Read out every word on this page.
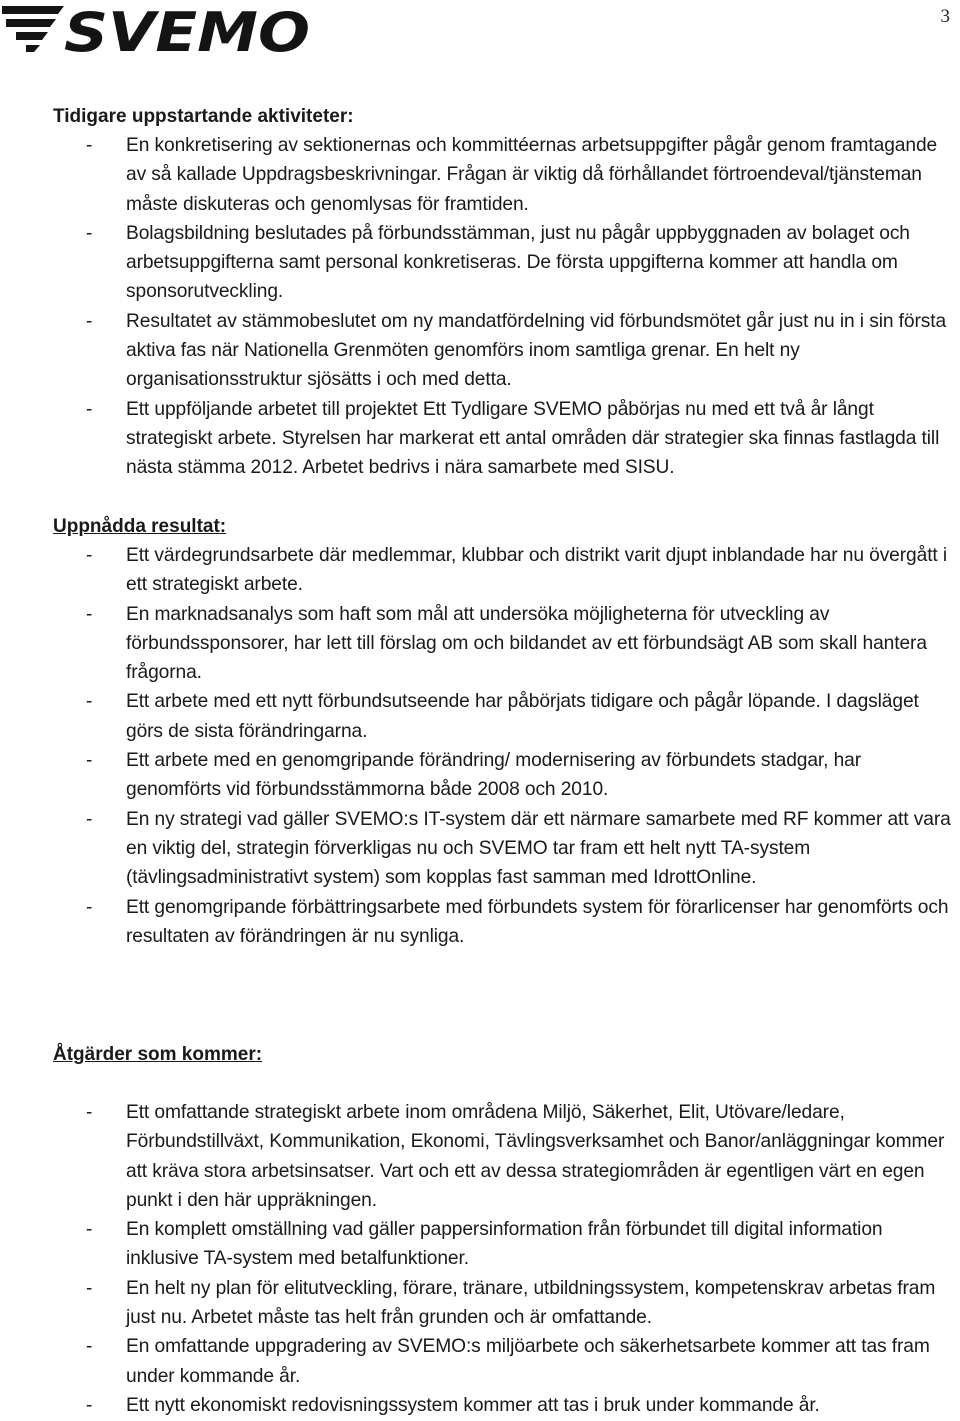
3
SVEMO
Tidigare uppstartande aktiviteter:
- En konkretisering av sektionernas och kommittéernas arbetsuppgifter pågår genom framtagande av så kallade Uppdragsbeskrivningar. Frågan är viktig då förhållandet förtroendeval/tjänsteman måste diskuteras och genomlysas för framtiden.
- Bolagsbildning beslutades på förbundsstämman, just nu pågår uppbyggnaden av bolaget och arbetsuppgifterna samt personal konkretiseras. De första uppgifterna kommer att handla om sponsorutveckling.
- Resultatet av stämmobeslutet om ny mandatfördelning vid förbundsmötet går just nu in i sin första aktiva fas när Nationella Grenmöten genomförs inom samtliga grenar. En helt ny organisationsstruktur sjösätts i och med detta.
- Ett uppföljande arbetet till projektet Ett Tydligare SVEMO påbörjas nu med ett två år långt strategiskt arbete. Styrelsen har markerat ett antal områden där strategier ska finnas fastlagda till nästa stämma 2012. Arbetet bedrivs i nära samarbete med SISU.
Uppnådda resultat:
- Ett värdegrundsarbete där medlemmar, klubbar och distrikt varit djupt inblandade har nu övergått i ett strategiskt arbete.
- En marknadsanalys som haft som mål att undersöka möjligheterna för utveckling av förbundssponsorer, har lett till förslag om och bildandet av ett förbundsägt AB som skall hantera frågorna.
- Ett arbete med ett nytt förbundsutseende har påbörjats tidigare och pågår löpande. I dagsläget görs de sista förändringarna.
- Ett arbete med en genomgripande förändring/ modernisering av förbundets stadgar, har genomförts vid förbundsstämmorna både 2008 och 2010.
- En ny strategi vad gäller SVEMO:s IT-system där ett närmare samarbete med RF kommer att vara en viktig del, strategin förverkligas nu och SVEMO tar fram ett helt nytt TA-system (tävlingsadministrativt system) som kopplas fast samman med IdrottOnline.
- Ett genomgripande förbättringsarbete med förbundets system för förarlicenser har genomförts och resultaten av förändringen är nu synliga.
Åtgärder som kommer:
- Ett omfattande strategiskt arbete inom områdena Miljö, Säkerhet, Elit, Utövare/ledare, Förbundstillväxt, Kommunikation, Ekonomi, Tävlingsverksamhet och Banor/anläggningar kommer att kräva stora arbetsinsatser. Vart och ett av dessa strategiområden är egentligen värt en egen punkt i den här uppräkningen.
- En komplett omställning vad gäller pappersinformation från förbundet till digital information inklusive TA-system med betalfunktioner.
- En helt ny plan för elitutveckling, förare, tränare, utbildningssystem, kompetenskrav arbetas fram just nu. Arbetet måste tas helt från grunden och är omfattande.
- En omfattande uppgradering av SVEMO:s miljöarbete och säkerhetsarbete kommer att tas fram under kommande år.
- Ett nytt ekonomiskt redovisningssystem kommer att tas i bruk under kommande år.
